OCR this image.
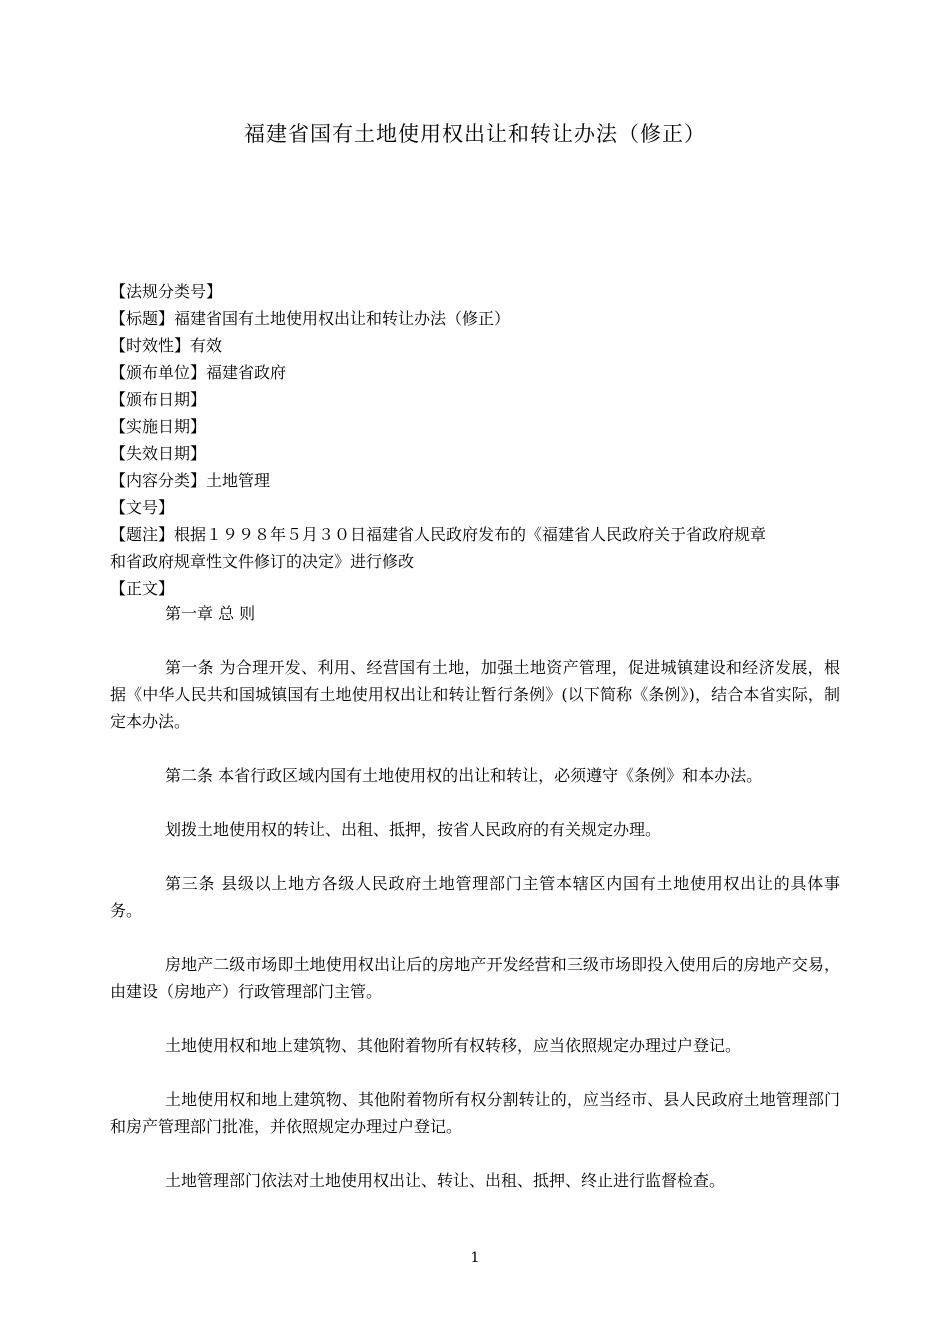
福建省国有土地使用权出让和转让办法（修正）
【法规分类号】
【标题】福建省国有土地使用权出让和转让办法（修正）
【时效性】有效
【颁布单位】福建省政府
【颁布日期】
【实施日期】
【失效日期】
【内容分类】土地管理
【文号】
【题注】根据１９９８年５月３０日福建省人民政府发布的《福建省人民政府关于省政府规章
和省政府规章性文件修订的决定》进行修改
【正文】
第一章 总 则

第一条 为合理开发、利用、经营国有土地，加强土地资产管理，促进城镇建设和经济发展，根据《中华人民共和国城镇国有土地使用权出让和转让暂行条例》(以下简称《条例》)，结合本省实际，制定本办法。

第二条 本省行政区域内国有土地使用权的出让和转让，必须遵守《条例》和本办法。

划拨土地使用权的转让、出租、抵押，按省人民政府的有关规定办理。

第三条 县级以上地方各级人民政府土地管理部门主管本辖区内国有土地使用权出让的具体事务。

房地产二级市场即土地使用权出让后的房地产开发经营和三级市场即投入使用后的房地产交易，由建设（房地产）行政管理部门主管。

土地使用权和地上建筑物、其他附着物所有权转移，应当依照规定办理过户登记。

土地使用权和地上建筑物、其他附着物所有权分割转让的，应当经市、县人民政府土地管理部门和房产管理部门批准，并依照规定办理过户登记。

土地管理部门依法对土地使用权出让、转让、出租、抵押、终止进行监督检查。

1
